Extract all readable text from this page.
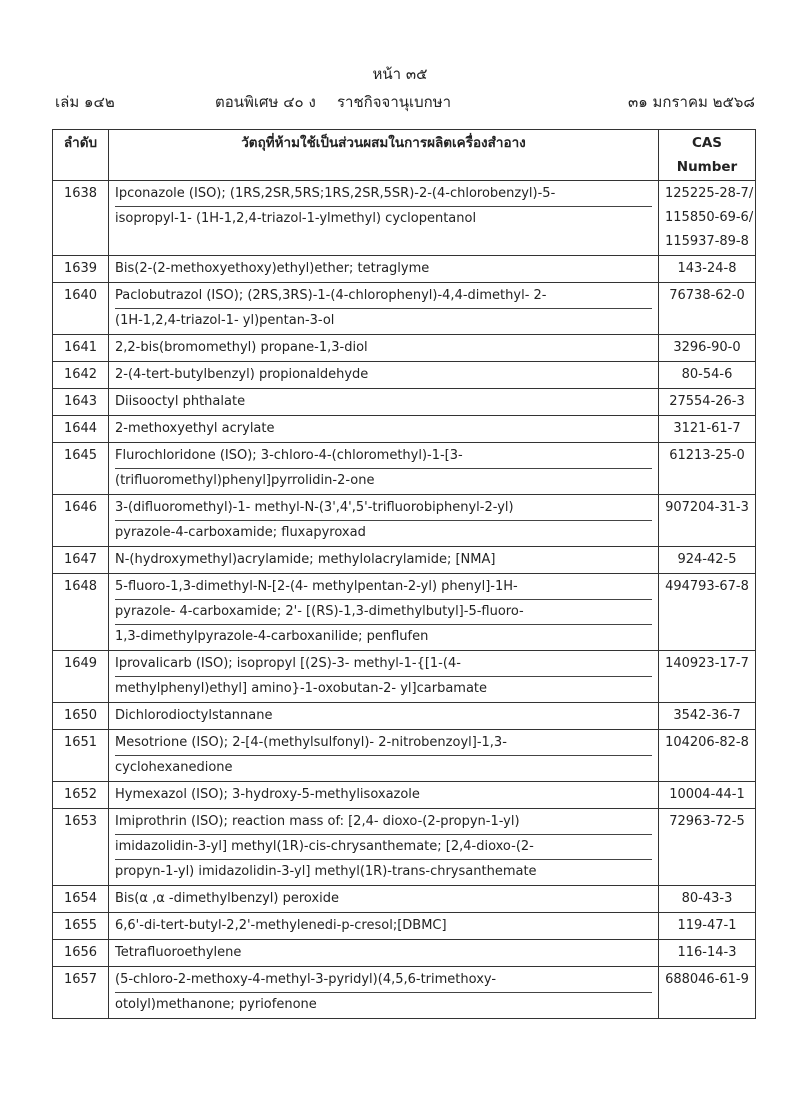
หน้า ๓๕
เล่ม ๑๔๒	ตอนพิเศษ ๔๐ ง ราชกิจจานุเบกษา	๓๑ มกราคม ๒๕๖๘
ลำดับ	วัตถุที่ห้ามใช้เป็นส่วนผสมในการผลิตเครื่องสำอาง	CAS Number
1638	Ipconazole (ISO); (1RS,2SR,5RS;1RS,2SR,5SR)-2-(4-chlorobenzyl)-5-
isopropyl-1- (1H-1,2,4-triazol-1-ylmethyl) cyclopentanol	125225-28-7/
115850-69-6/
115937-89-8

1639	Bis(2-(2-methoxyethoxy)ethyl)ether; tetraglyme	143-24-8

1640	Paclobutrazol (ISO); (2RS,3RS)-1-(4-chlorophenyl)-4,4-dimethyl- 2-
(1H-1,2,4-triazol-1- yl)pentan-3-ol	76738-62-0

1641	2,2-bis(bromomethyl) propane-1,3-diol	3296-90-0

1642	2-(4-tert-butylbenzyl) propionaldehyde	80-54-6

1643	Diisooctyl phthalate	27554-26-3

1644	2-methoxyethyl acrylate	3121-61-7

1645	Flurochloridone (ISO); 3-chloro-4-(chloromethyl)-1-[3-
(trifluoromethyl)phenyl]pyrrolidin-2-one	61213-25-0

1646	3-(difluoromethyl)-1- methyl-N-(3',4',5'-trifluorobiphenyl-2-yl)
pyrazole-4-carboxamide; fluxapyroxad	907204-31-3

1647	N-(hydroxymethyl)acrylamide; methylolacrylamide; [NMA]	924-42-5

1648	5-fluoro-1,3-dimethyl-N-[2-(4- methylpentan-2-yl) phenyl]-1H-
pyrazole- 4-carboxamide; 2'- [(RS)-1,3-dimethylbutyl]-5-fluoro-
1,3-dimethylpyrazole-4-carboxanilide; penflufen	494793-67-8

1649	Iprovalicarb (ISO); isopropyl [(2S)-3- methyl-1-{[1-(4-
methylphenyl)ethyl] amino}-1-oxobutan-2- yl]carbamate	140923-17-7

1650	Dichlorodioctylstannane	3542-36-7

1651	Mesotrione (ISO); 2-[4-(methylsulfonyl)- 2-nitrobenzoyl]-1,3-
cyclohexanedione	104206-82-8

1652	Hymexazol (ISO); 3-hydroxy-5-methylisoxazole	10004-44-1

1653	Imiprothrin (ISO); reaction mass of: [2,4- dioxo-(2-propyn-1-yl)
imidazolidin-3-yl] methyl(1R)-cis-chrysanthemate; [2,4-dioxo-(2-
propyn-1-yl) imidazolidin-3-yl] methyl(1R)-trans-chrysanthemate	72963-72-5

1654	Bis(α ,α -dimethylbenzyl) peroxide	80-43-3

1655	6,6'-di-tert-butyl-2,2'-methylenedi-p-cresol;[DBMC]	119-47-1

1656	Tetrafluoroethylene	116-14-3

1657	(5-chloro-2-methoxy-4-methyl-3-pyridyl)(4,5,6-trimethoxy-
otolyl)methanone; pyriofenone	688046-61-9
